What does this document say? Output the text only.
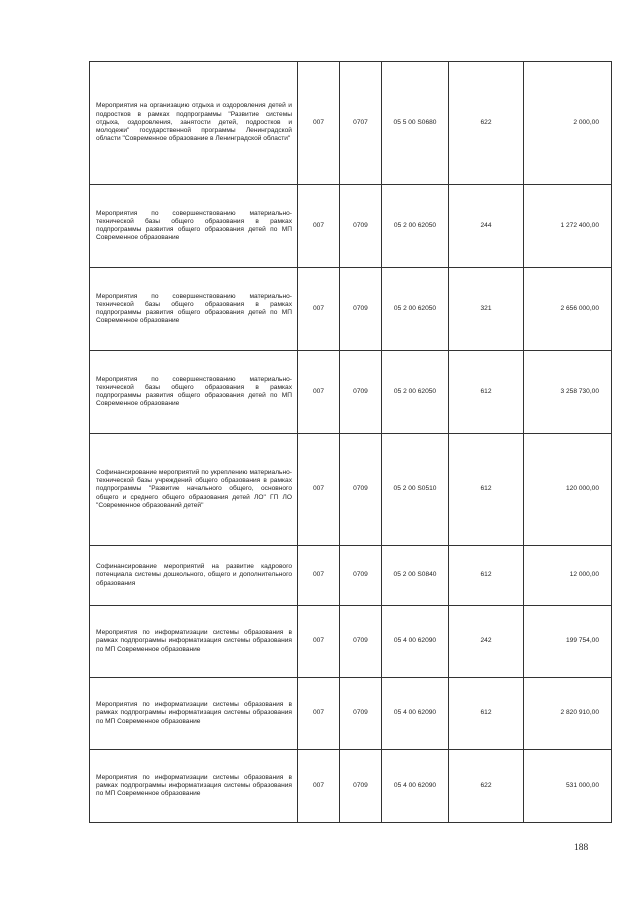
Мероприятия на организацию отдыха и оздоровления детей и подростков в рамках подпрограммы "Развитие системы отдыха, оздоровления, занятости детей, подростков и молодежи" государственной программы Ленинградской области "Современное образование в Ленинградской области"	007	0707	05 5 00 S0680	622	2 000,00
Мероприятия по совершенствованию материально-технической базы общего образования в рамках подпрограммы развития общего образования детей по МП Современное образование	007	0709	05 2 00 62050	244	1 272 400,00
Мероприятия по совершенствованию материально-технической базы общего образования в рамках подпрограммы развития общего образования детей по МП Современное образование	007	0709	05 2 00 62050	321	2 656 000,00
Мероприятия по совершенствованию материально-технической базы общего образования в рамках подпрограммы развития общего образования детей по МП Современное образование	007	0709	05 2 00 62050	612	3 258 730,00
Софинансирование мероприятий по укреплению материально-технической базы учреждений общего образования в рамках подпрограммы "Развитие начального общего, основного общего и среднего общего образования детей ЛО" ГП ЛО "Современное образований детей"	007	0709	05 2 00 S0510	612	120 000,00
Софинансирование мероприятий на развитие кадрового потенциала системы дошкольного, общего и дополнительного образования	007	0709	05 2 00 S0840	612	12 000,00
Мероприятия по информатизации системы образования в рамках подпрограммы информатизация системы образования по МП Современное образование	007	0709	05 4 00 62090	242	199 754,00
Мероприятия по информатизации системы образования в рамках подпрограммы информатизация системы образования по МП Современное образование	007	0709	05 4 00 62090	612	2 820 910,00
Мероприятия по информатизации системы образования в рамках подпрограммы информатизация системы образования по МП Современное образование	007	0709	05 4 00 62090	622	531 000,00
188
